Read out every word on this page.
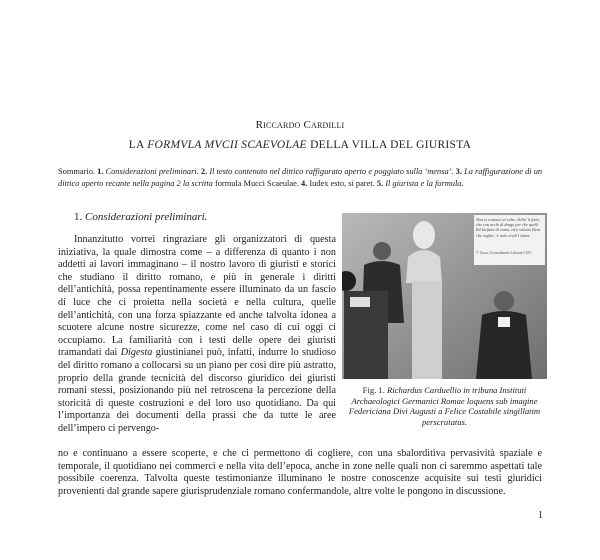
Riccardo Cardilli
LA FORMVLA MVCII SCAEVOLAE DELLA VILLA DEL GIURISTA
Sommario. 1. Considerazioni preliminari. 2. Il testo contenuto nel dittico raffigurato aperto e poggiato sulla ‘mensa’. 3. La raffigurazione di un dittico aperto recante nella pagina 2 la scritta formula Mucci Scaeulae. 4. Iudex esto, si paret. 5. Il giurista e la formula.
1. Considerazioni preliminari.

Innanzitutto vorrei ringraziare gli organizzatori di questa iniziativa, la quale dimostra come – a differenza di quanto i non addetti ai lavori immaginano – il nostro lavoro di giuristi e storici che studiano il diritto romano, e più in generale i diritti dell’antichità, possa repentinamente essere illuminato da un fascio di luce che ci proietta nella società e nella cultura, quelle dell’antichità, con una forza spiazzante ed anche talvolta idonea a scuotere alcune nostre sicurezze, come nel caso di cui oggi ci occupiamo. La familiarità con i testi delle opere dei giuristi tramandati dai Digesta giustinianei può, infatti, indurre lo studioso del diritto romano a collocarsi su un piano per così dire più astratto, proprio della grande tecnicità del discorso giuridico dei giuristi romani stessi, posizionando più nel retroscena la percezione della storicità di queste costruzioni e del loro uso quotidiano. Da qui l’importanza dei documenti della prassi che da tutte le aree dell’impero ci pervengo-

Non si conosce al volto ‘della’ il fatto, che con occhi di drago per che quelli Ed ha fatto di como, ed a volutto Heut che vogliti, ‘e nolo credi l’atrus.
T. Tasso, Gerusalemme Liberata I.XIV
Fig. 1. Richardus Carduellio in tribuna Instituti Archaeologici Germanici Romae loquens sub imagine Federiciana Divi Augusti a Felice Costabile singillatim perscrutatus.

no e continuano a essere scoperte, e che ci permettono di cogliere, con una sbalorditiva pervasività spaziale e temporale, il quotidiano nei commerci e nella vita dell’epoca, anche in zone nelle quali non ci saremmo aspettati tale possibile coerenza. Talvolta queste testimonianze illuminano le nostre conoscenze acquisite sui testi giuridici provenienti dal grande sapere giurisprudenziale romano confermandole, altre volte le pongono in discussione.

1
